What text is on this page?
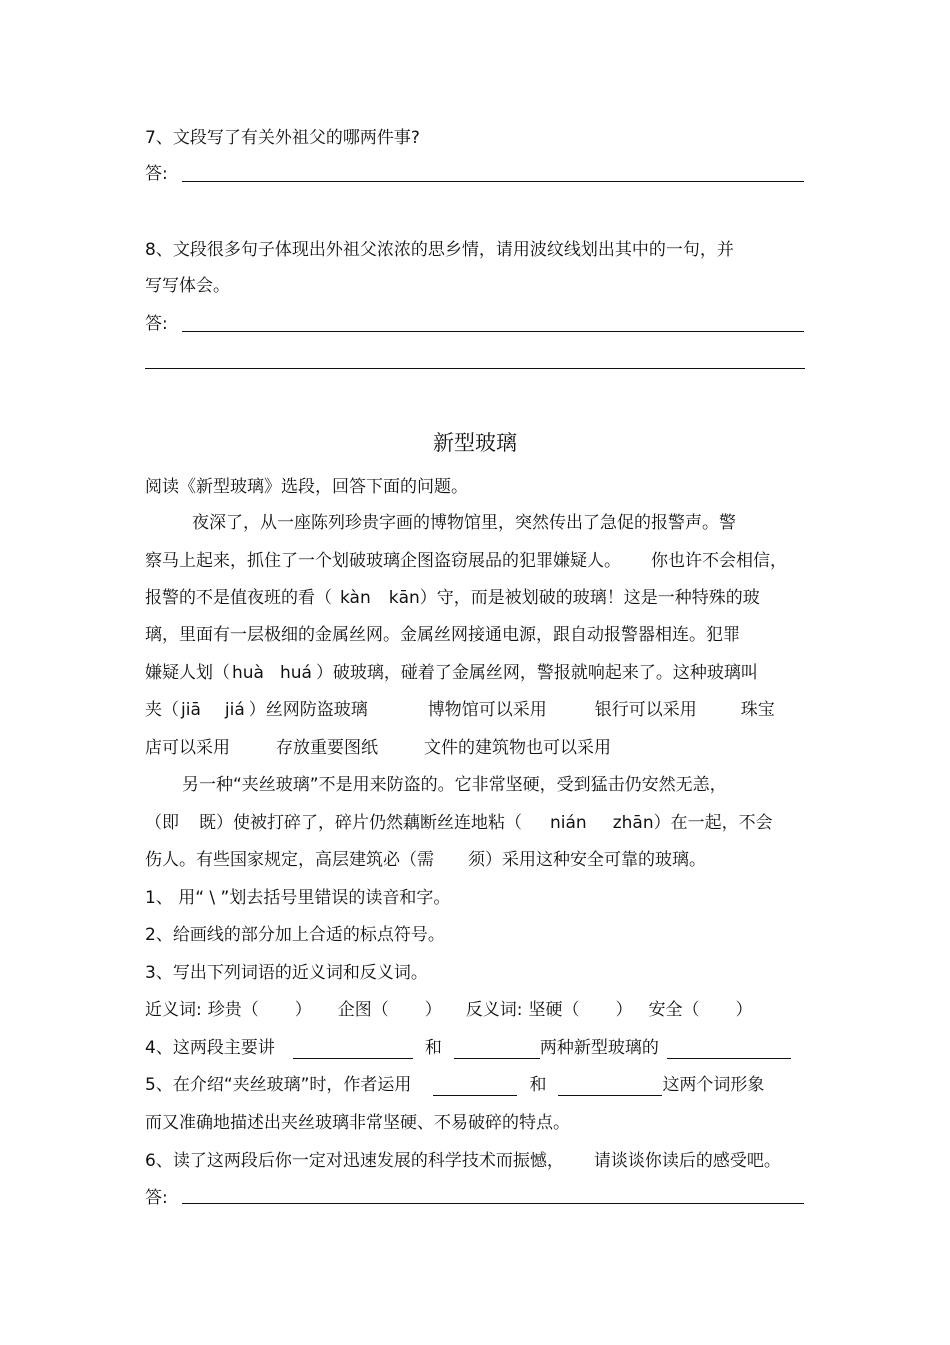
7、文段写了有关外祖父的哪两件事?
答:
8、文段很多句子体现出外祖父浓浓的思乡情，请用波纹线划出其中的一句，并
写写体会。
答:
新型玻璃
阅读《新型玻璃》选段，回答下面的问题。
夜深了，从一座陈列珍贵字画的博物馆里，突然传出了急促的报警声。警
察马上起来，抓住了一个划破玻璃企图盗窃展品的犯罪嫌疑人。 你也许不会相信，
报警的不是值夜班的看（ kàn kān）守，而是被划破的玻璃！这是一种特殊的玻
璃，里面有一层极细的金属丝网。金属丝网接通电源，跟自动报警器相连。犯罪
嫌疑人划（ huà huá ）破玻璃，碰着了金属丝网，警报就响起来了。这种玻璃叫
夹（ jiā jiá ）丝网防盗玻璃	博物馆可以采用	银行可以采用	珠宝
店可以采用	存放重要图纸	文件的建筑物也可以采用
另一种“夹丝玻璃”不是用来防盗的。它非常坚硬，受到猛击仍安然无恙，
（即 既）使被打碎了，碎片仍然藕断丝连地粘（ nián zhān）在一起，不会
伤人。有些国家规定，高层建筑必（需 须）采用这种安全可靠的玻璃。
1、 用“ \ ”划去括号里错误的读音和字。
2、给画线的部分加上合适的标点符号。
3、写出下列词语的近义词和反义词。
近义词: 珍贵（ ） 企图（ ） 反义词: 坚硬（ ） 安全（ ）
4、这两段主要讲	和	两种新型玻璃的
5、在介绍“夹丝玻璃”时，作者运用	和	这两个词形象
而又准确地描述出夹丝玻璃非常坚硬、不易破碎的特点。
6、读了这两段后你一定对迅速发展的科学技术而振憾， 请谈谈你读后的感受吧。
答:
